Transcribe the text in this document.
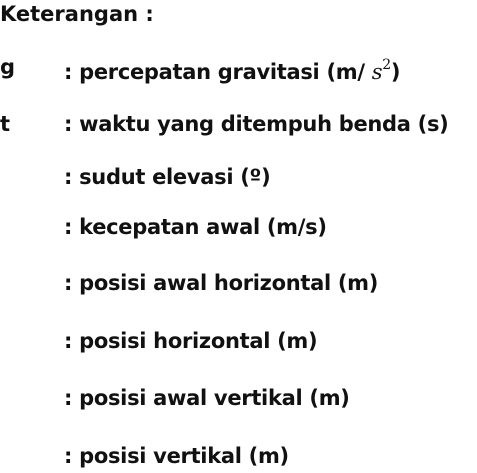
Keterangan :
g	: percepatan gravitasi (m/ $s^2$)
t	: waktu yang ditempuh benda (s)
: sudut elevasi (º)
: kecepatan awal (m/s)
: posisi awal horizontal (m)
: posisi horizontal (m)
: posisi awal vertikal (m)
: posisi vertikal (m)
